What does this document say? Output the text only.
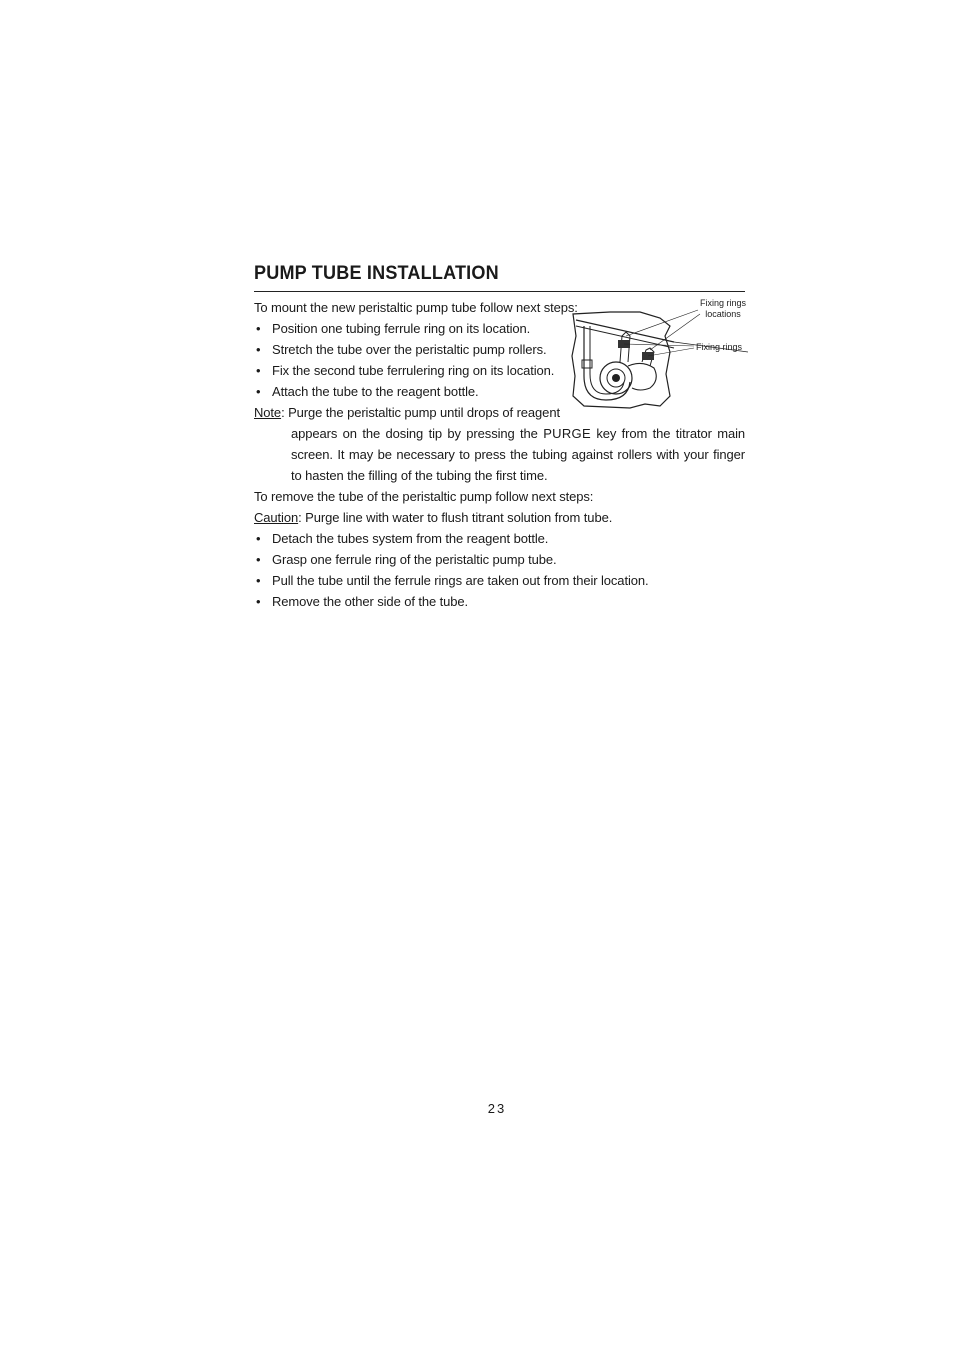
PUMP TUBE INSTALLATION
Fixing rings
locations
Fixing rings
To mount the new peristaltic pump tube follow next steps:
• Position one tubing ferrule ring on its location.
• Stretch the tube over the peristaltic pump rollers.
• Fix the second tube ferrulering ring on its location.
• Attach the tube to the reagent bottle.
Note: Purge the peristaltic pump until drops of reagent
appears on the dosing tip by pressing the PURGE key from the titrator main screen. It may be necessary to press the tubing against rollers with your finger to hasten the filling of the tubing the first time.
To remove the tube of the peristaltic pump follow next steps:
Caution: Purge line with water to flush titrant solution from tube.
• Detach the tubes system from the reagent bottle.
• Grasp one ferrule ring of the peristaltic pump tube.
• Pull the tube until the ferrule rings are taken out from their location.
• Remove the other side of the tube.
23
